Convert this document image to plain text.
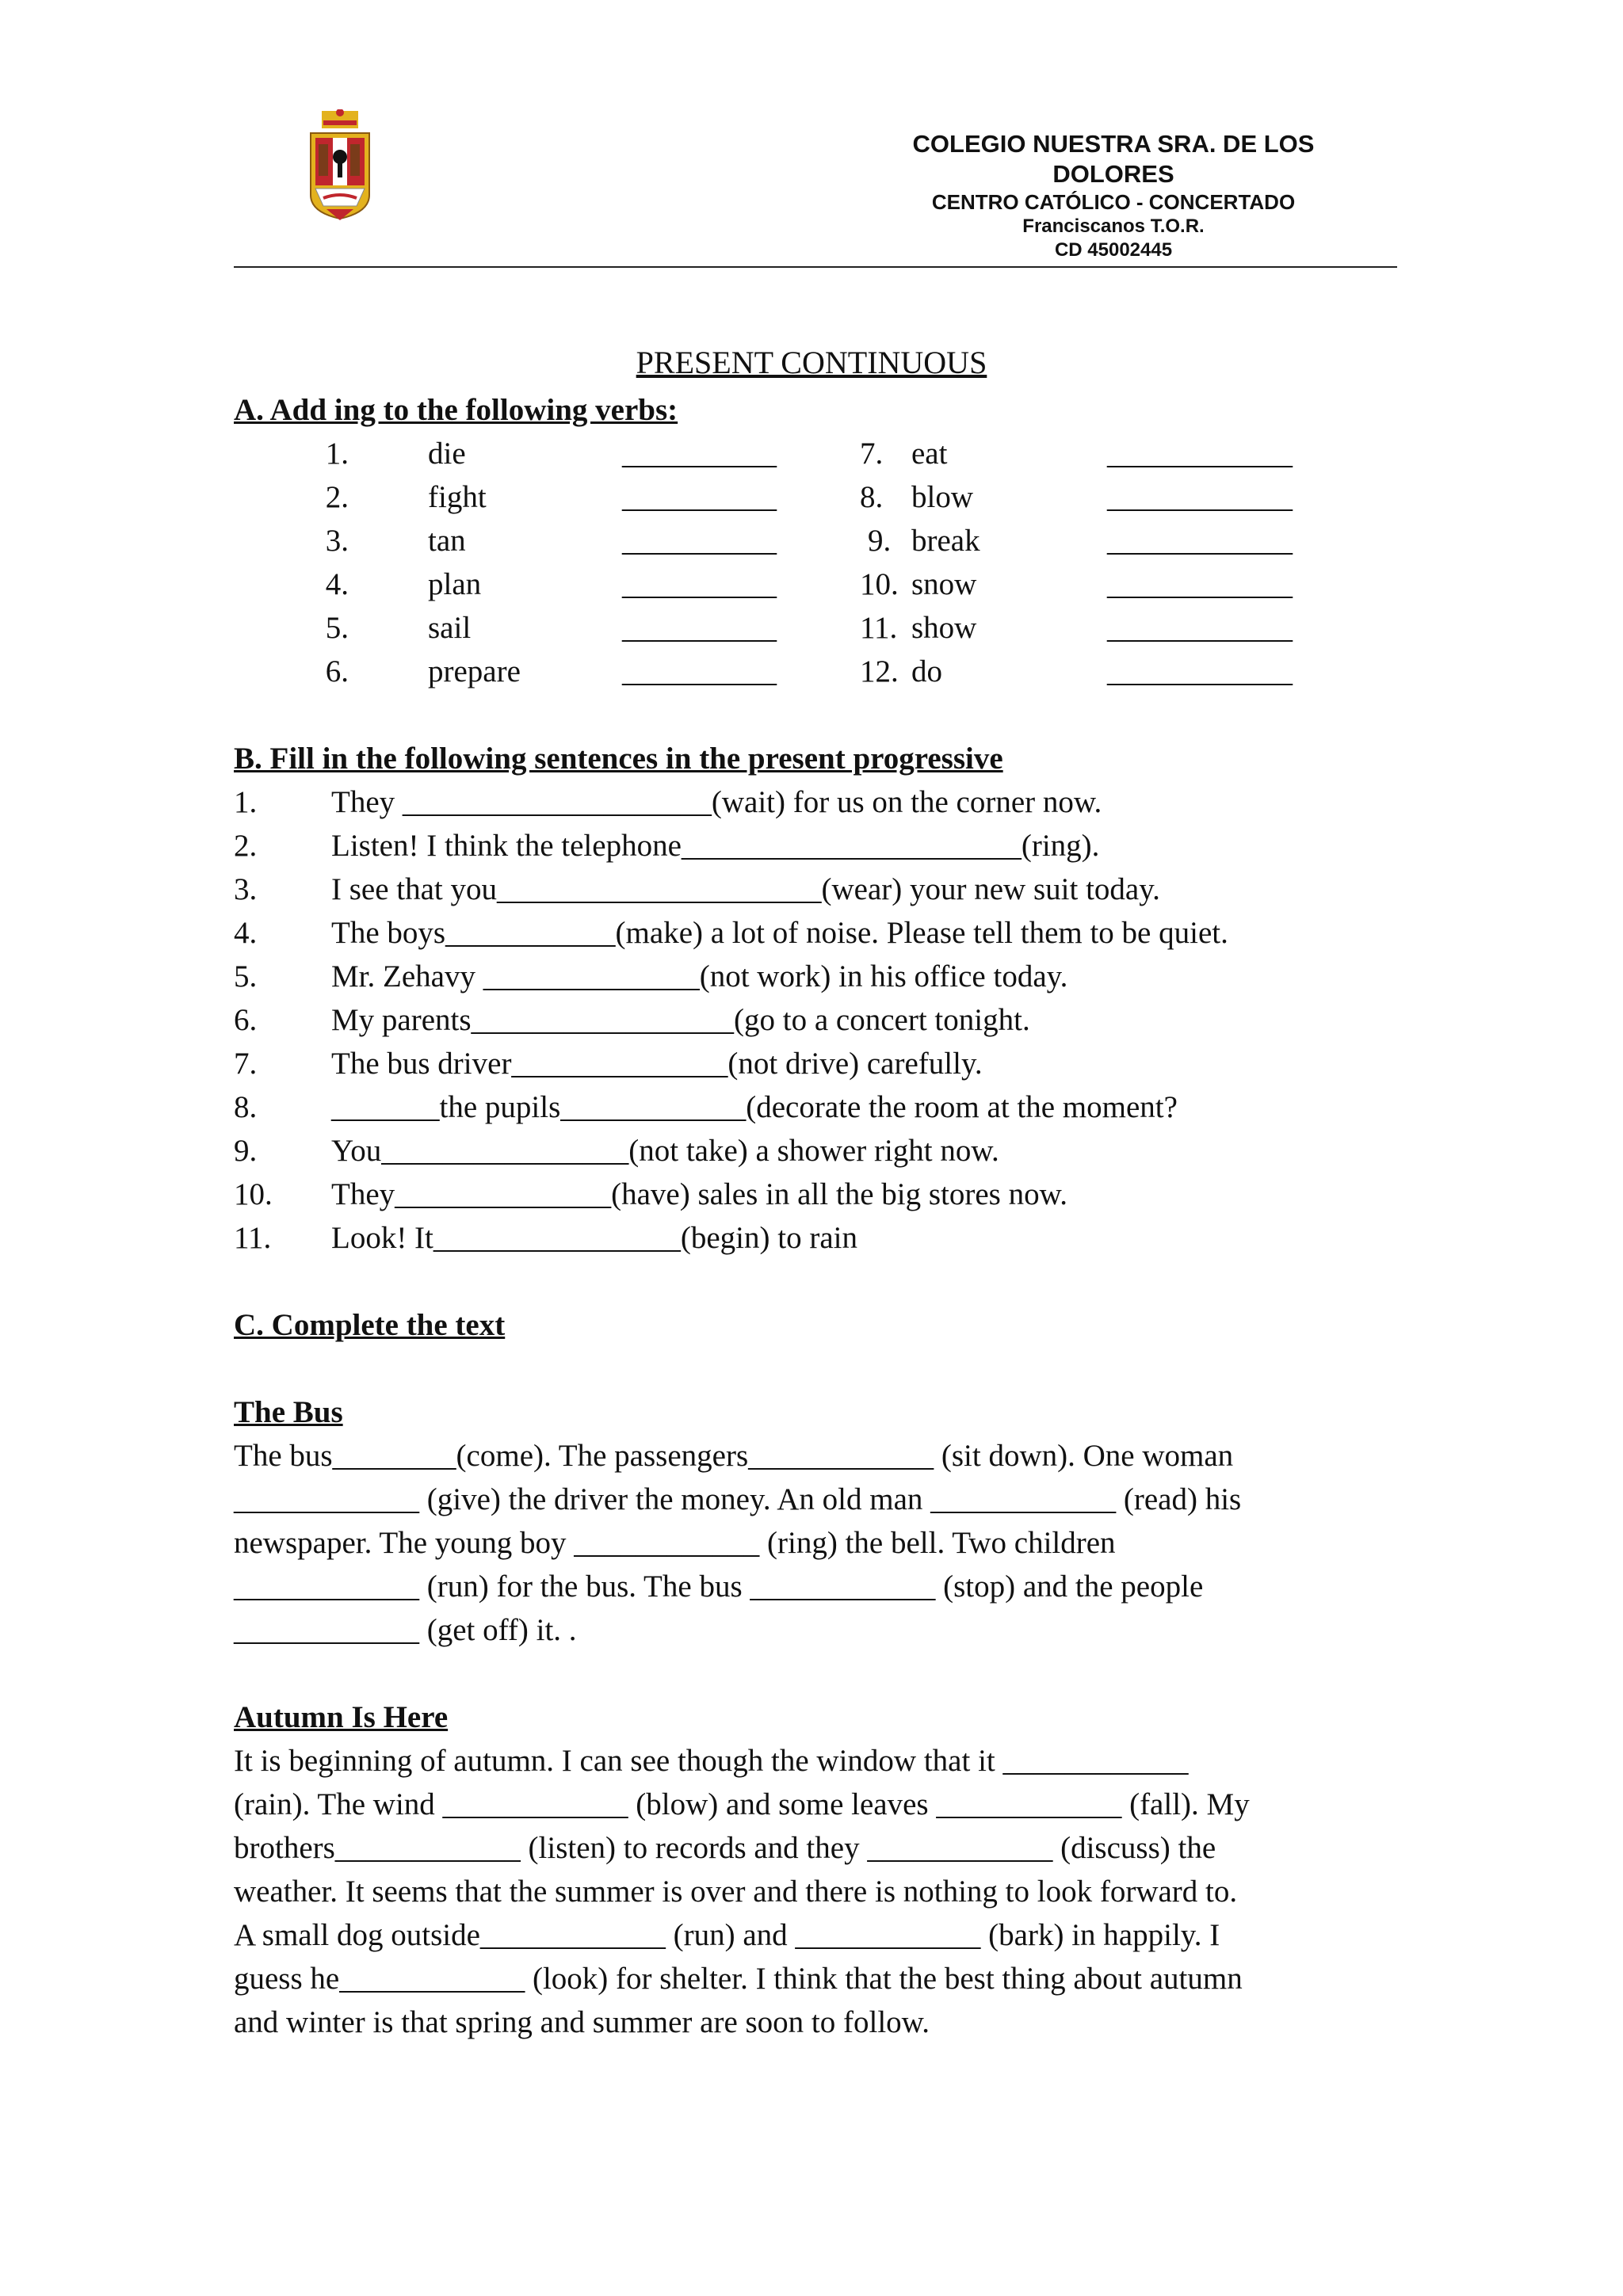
COLEGIO NUESTRA SRA. DE LOS
DOLORES
CENTRO CATÓLICO - CONCERTADO
Franciscanos T.O.R.
CD 45002445
PRESENT CONTINUOUS
A. Add ing to the following verbs:
1.	die	__________	7. eat	____________
2.	fight	__________	8. blow	____________
3.	tan	__________	9. break	____________
4.	plan	__________	10. snow	____________
5.	sail	__________	11. show	____________
6.	prepare	__________	12. do	____________
B. Fill in the following sentences in the present progressive
1. They ____________________(wait) for us on the corner now.
2. Listen! I think the telephone______________________(ring).
3. I see that you_____________________(wear) your new suit today.
4. The boys___________(make) a lot of noise. Please tell them to be quiet.
5. Mr. Zehavy ______________(not work) in his office today.
6. My parents_________________(go to a concert tonight.
7. The bus driver______________(not drive) carefully.
8. _______the pupils____________(decorate the room at the moment?
9. You________________(not take) a shower right now.
10. They______________(have) sales in all the big stores now.
11. Look! It________________(begin) to rain
C. Complete the text
The Bus
The bus________(come). The passengers____________ (sit down). One woman
____________ (give) the driver the money. An old man ____________ (read) his
newspaper. The young boy ____________ (ring) the bell. Two children
____________ (run) for the bus. The bus ____________ (stop) and the people
____________ (get off) it. .
Autumn Is Here
It is beginning of autumn. I can see though the window that it ____________
(rain). The wind ____________ (blow) and some leaves ____________ (fall). My
brothers____________ (listen) to records and they ____________ (discuss) the
weather. It seems that the summer is over and there is nothing to look forward to.
A small dog outside____________ (run) and ____________ (bark) in happily. I
guess he____________ (look) for shelter. I think that the best thing about autumn
and winter is that spring and summer are soon to follow.
